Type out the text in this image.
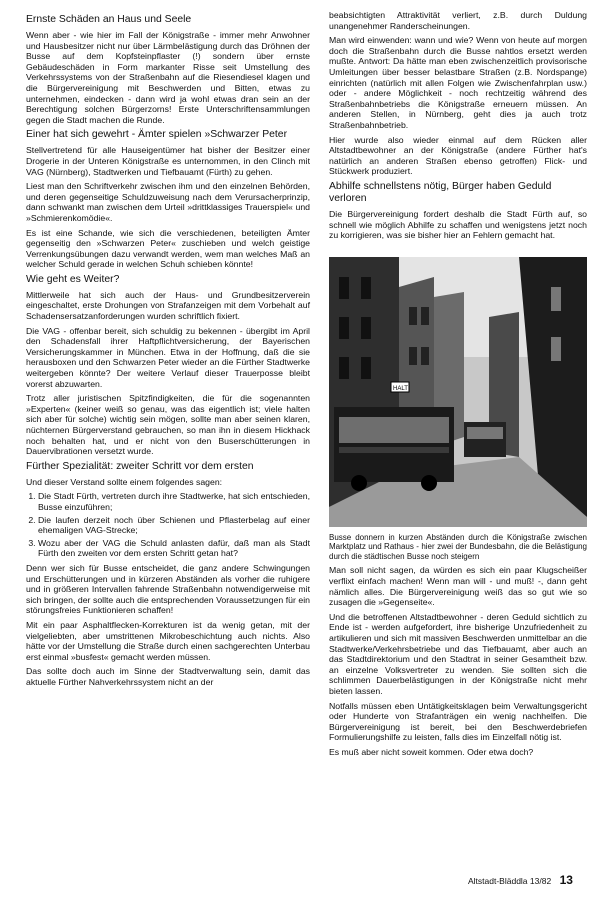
Ernste Schäden an Haus und Seele

Wenn aber - wie hier im Fall der Königstraße - immer mehr Anwohner und Hausbesitzer nicht nur über Lärmbelästigung durch das Dröhnen der Busse auf dem Kopfsteinpflaster (!) sondern über ernste Gebäudeschäden in Form markanter Risse seit Umstellung des Verkehrssystems von der Straßenbahn auf die Riesendiesel klagen und die Bürgervereinigung mit Beschwerden und Bitten, etwas zu unternehmen, eindecken - dann wird ja wohl etwas dran sein an der Berechtigung solchen Bürgerzorns! Erste Unterschriftensammlungen gegen die Stadt machen die Runde.

Einer hat sich gewehrt - Ämter spielen »Schwarzer Peter

Stellvertretend für alle Hauseigentümer hat bisher der Besitzer einer Drogerie in der Unteren Königstraße es unternommen, in den Clinch mit VAG (Nürnberg), Stadtwerken und Tiefbauamt (Fürth) zu gehen.

Liest man den Schriftverkehr zwischen ihm und den einzelnen Behörden, und deren gegenseitige Schuldzuweisung nach dem Verursacherprinzip, dann schwankt man zwischen dem Urteil »drittklassiges Trauerspiel« und »Schmierenkomödie«.

Es ist eine Schande, wie sich die verschiedenen, beteiligten Ämter gegenseitig den »Schwarzen Peter« zuschieben und welch geistige Verrenkungsübungen dazu verwandt werden, wem man welches Maß an welcher Schuld gerade in welchen Schuh schieben könnte!

Wie geht es Weiter?

Mittlerweile hat sich auch der Haus- und Grundbesitzerverein eingeschaltet, erste Drohungen von Strafanzeigen mit dem Vorbehalt auf Schadensersatzanforderungen wurden schriftlich fixiert.

Die VAG - offenbar bereit, sich schuldig zu bekennen - übergibt im April den Schadensfall ihrer Haftpflichtversicherung, der Bayerischen Versicherungskammer in München. Etwa in der Hoffnung, daß die sie herausboxen und den Schwarzen Peter wieder an die Fürther Stadtwerke weitergeben könnte? Der weitere Verlauf dieser Trauerposse bleibt vorerst abzuwarten.

Trotz aller juristischen Spitzfindigkeiten, die für die sogenannten »Experten« (keiner weiß so genau, was das eigentlich ist; viele halten sich aber für solche) wichtig sein mögen, sollte man aber seinen klaren, nüchternen Bürgerverstand gebrauchen, so man ihn in diesem Hickhack noch behalten hat, und er nicht von den Buserschütterungen in Dauervibrationen versetzt wurde.

Fürther Spezialität: zweiter Schritt vor dem ersten

Und dieser Verstand sollte einem folgendes sagen:

1. Die Stadt Fürth, vertreten durch ihre Stadtwerke, hat sich entschieden, Busse einzuführen;
2. Die laufen derzeit noch über Schienen und Pflasterbelag auf einer ehemaligen VAG-Strecke;
3. Wozu aber der VAG die Schuld anlasten dafür, daß man als Stadt Fürth den zweiten vor dem ersten Schritt getan hat?

Denn wer sich für Busse entscheidet, die ganz andere Schwingungen und Erschütterungen und in kürzeren Abständen als vorher die ruhigere und in größeren Intervallen fahrende Straßenbahn notwendigerweise mit sich bringen, der sollte auch die entsprechenden Voraussetzungen für ein störungsfreies Funktionieren schaffen!

Mit ein paar Asphaltflecken-Korrekturen ist da wenig getan, mit der vielgeliebten, aber umstrittenen Mikrobeschichtung auch nichts. Also hätte vor der Umstellung die Straße durch einen sachgerechten Unterbau erst einmal »busfest« gemacht werden müssen.

Das sollte doch auch im Sinne der Stadtverwaltung sein, damit das aktuelle Fürther Nahverkehrssystem nicht an der

beabsichtigten Attraktivität verliert, z.B. durch Duldung unangenehmer Randerscheinungen.

Man wird einwenden: wann und wie? Wenn von heute auf morgen doch die Straßenbahn durch die Busse nahtlos ersetzt werden mußte. Antwort: Da hätte man eben zwischenzeitlich provisorische Umleitungen über besser belastbare Straßen (z.B. Nordspange) einrichten (natürlich mit allen Folgen wie Zwischenfahrplan usw.) oder - andere Möglichkeit - noch rechtzeitig während des Straßenbahnbetriebs die Königstraße erneuern müssen. An anderen Stellen, in Nürnberg, geht dies ja auch trotz Straßenbahnbetrieb.

Hier wurde also wieder einmal auf dem Rücken aller Altstadtbewohner an der Königstraße (andere Fürther hat's natürlich an anderen Straßen ebenso getroffen) Flick- und Stückwerk produziert.

Abhilfe schnellstens nötig, Bürger haben Geduld verloren

Die Bürgervereinigung fordert deshalb die Stadt Fürth auf, so schnell wie möglich Abhilfe zu schaffen und wenigstens jetzt noch zu korrigieren, was sie bisher hier an Fehlern gemacht hat.

HALT

Busse donnern in kurzen Abständen durch die Königstraße zwischen Marktplatz und Rathaus - hier zwei der Bundesbahn, die die Belästigung durch die städtischen Busse noch steigern

Man soll nicht sagen, da würden es sich ein paar Klugscheißer verflixt einfach machen! Wenn man will - und muß! -, dann geht nämlich alles. Die Bürgervereinigung weiß das so gut wie so zusagen die »Gegenseite«.

Und die betroffenen Altstadtbewohner - deren Geduld sichtlich zu Ende ist - werden aufgefordert, ihre bisherige Unzufriedenheit zu artikulieren und sich mit massiven Beschwerden unmittelbar an die Stadtwerke/Verkehrsbetriebe und das Tiefbauamt, aber auch an das Stadtdirektorium und den Stadtrat in seiner Gesamtheit bzw. an einzelne Volksvertreter zu wenden. Sie sollten sich die schlimmen Dauerbelästigungen in der Königstraße nicht mehr bieten lassen.

Notfalls müssen eben Untätigkeitsklagen beim Verwaltungsgericht oder Hunderte von Strafanträgen ein wenig nachhelfen. Die Bürgervereinigung ist bereit, bei den Beschwerdebriefen Formulierungshilfe zu leisten, falls dies im Einzelfall nötig ist.

Es muß aber nicht soweit kommen. Oder etwa doch?

Altstadt-Bläddla 13/82 13
